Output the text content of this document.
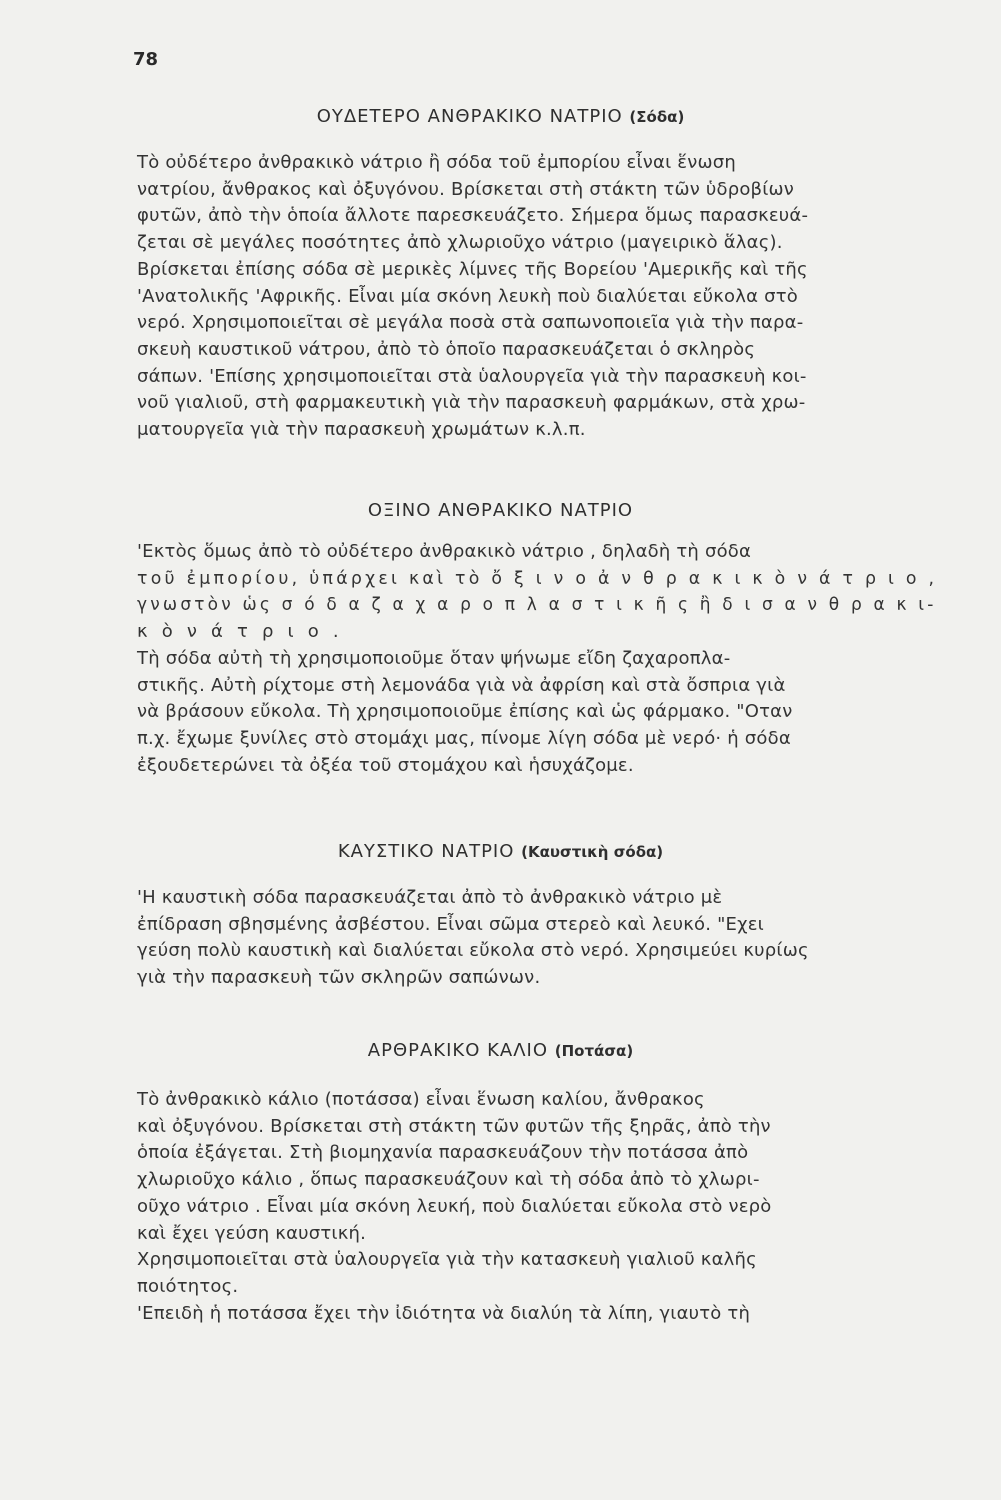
78
ΟΥΔΕΤΕΡΟ ΑΝΘΡΑΚΙΚΟ ΝΑΤΡΙΟ (Σόδα)

Τὸ οὐδέτερο ἀνθρακικὸ νάτριο ἢ σόδα τοῦ ἐμπορίου εἶναι ἕνωση

νατρίου, ἄνθρακος καὶ ὀξυγόνου. Βρίσκεται στὴ στάκτη τῶν ὑδροβίων

φυτῶν, ἀπὸ τὴν ὁποία ἄλλοτε παρεσκευάζετο. Σήμερα ὅμως παρασκευά-

ζεται σὲ μεγάλες ποσότητες ἀπὸ χλωριοῦχο νάτριο (μαγειρικὸ ἅλας).

Βρίσκεται ἐπίσης σόδα σὲ μερικὲς λίμνες τῆς Βορείου 'Αμερικῆς καὶ τῆς

'Ανατολικῆς 'Αφρικῆς. Εἶναι μία σκόνη λευκὴ ποὺ διαλύεται εὔκολα στὸ

νερό. Χρησιμοποιεῖται σὲ μεγάλα ποσὰ στὰ σαπωνοποιεῖα γιὰ τὴν παρα-

σκευὴ καυστικοῦ νάτρου, ἀπὸ τὸ ὁποῖο παρασκευάζεται ὁ σκληρὸς

σάπων. 'Επίσης χρησιμοποιεῖται στὰ ὑαλουργεῖα γιὰ τὴν παρασκευὴ κοι-

νοῦ γιαλιοῦ, στὴ φαρμακευτικὴ γιὰ τὴν παρασκευὴ φαρμάκων, στὰ χρω-

ματουργεῖα γιὰ τὴν παρασκευὴ χρωμάτων κ.λ.π.

ΟΞΙΝΟ ΑΝΘΡΑΚΙΚΟ ΝΑΤΡΙΟ

'Εκτὸς ὅμως ἀπὸ τὸ οὐδέτερο ἀνθρακικὸ νάτριο , δηλαδὴ τὴ σόδα

τοῦ ἐμπορίου, ὑπάρχει καὶ τὸ ὄ ξ ι ν ο ἀ ν θ ρ α κ ι κ ὸ ν ά τ ρ ι ο ,

γνωστὸν ὡς σ ό δ α ζ α χ α ρ ο π λ α σ τ ι κ ῆ ς ἢ δ ι σ α ν θ ρ α κ ι-

κ ὸ ν ά τ ρ ι ο .

Τὴ σόδα αὐτὴ τὴ χρησιμοποιοῦμε ὅταν ψήνωμε εἴδη ζαχαροπλα-

στικῆς. Αὐτὴ ρίχτομε στὴ λεμονάδα γιὰ νὰ ἀφρίση καὶ στὰ ὄσπρια γιὰ

νὰ βράσουν εὔκολα. Τὴ χρησιμοποιοῦμε ἐπίσης καὶ ὡς φάρμακο. "Οταν

π.χ. ἔχωμε ξυνίλες στὸ στομάχι μας, πίνομε λίγη σόδα μὲ νερό· ἡ σόδα

ἐξουδετερώνει τὰ ὀξέα τοῦ στομάχου καὶ ἡσυχάζομε.

ΚΑΥΣΤΙΚΟ ΝΑΤΡΙΟ (Καυστικὴ σόδα)

'Η καυστικὴ σόδα παρασκευάζεται ἀπὸ τὸ ἀνθρακικὸ νάτριο μὲ

ἐπίδραση σβησμένης ἀσβέστου. Εἶναι σῶμα στερεὸ καὶ λευκό. "Εχει

γεύση πολὺ καυστικὴ καὶ διαλύεται εὔκολα στὸ νερό. Χρησιμεύει κυρίως

γιὰ τὴν παρασκευὴ τῶν σκληρῶν σαπώνων.

ΑΡΘΡΑΚΙΚΟ ΚΑΛΙΟ (Ποτάσα)

Τὸ ἀνθρακικὸ κάλιο (ποτάσσα) εἶναι ἕνωση καλίου, ἄνθρακος

καὶ ὀξυγόνου. Βρίσκεται στὴ στάκτη τῶν φυτῶν τῆς ξηρᾶς, ἀπὸ τὴν

ὁποία ἐξάγεται. Στὴ βιομηχανία παρασκευάζουν τὴν ποτάσσα ἀπὸ

χλωριοῦχο κάλιο , ὅπως παρασκευάζουν καὶ τὴ σόδα ἀπὸ τὸ χλωρι-

οῦχο νάτριο . Εἶναι μία σκόνη λευκή, ποὺ διαλύεται εὔκολα στὸ νερὸ

καὶ ἔχει γεύση καυστική.

Χρησιμοποιεῖται στὰ ὑαλουργεῖα γιὰ τὴν κατασκευὴ γιαλιοῦ καλῆς

ποιότητος.

'Επειδὴ ἡ ποτάσσα ἔχει τὴν ἰδιότητα νὰ διαλύη τὰ λίπη, γιαυτὸ τὴ
